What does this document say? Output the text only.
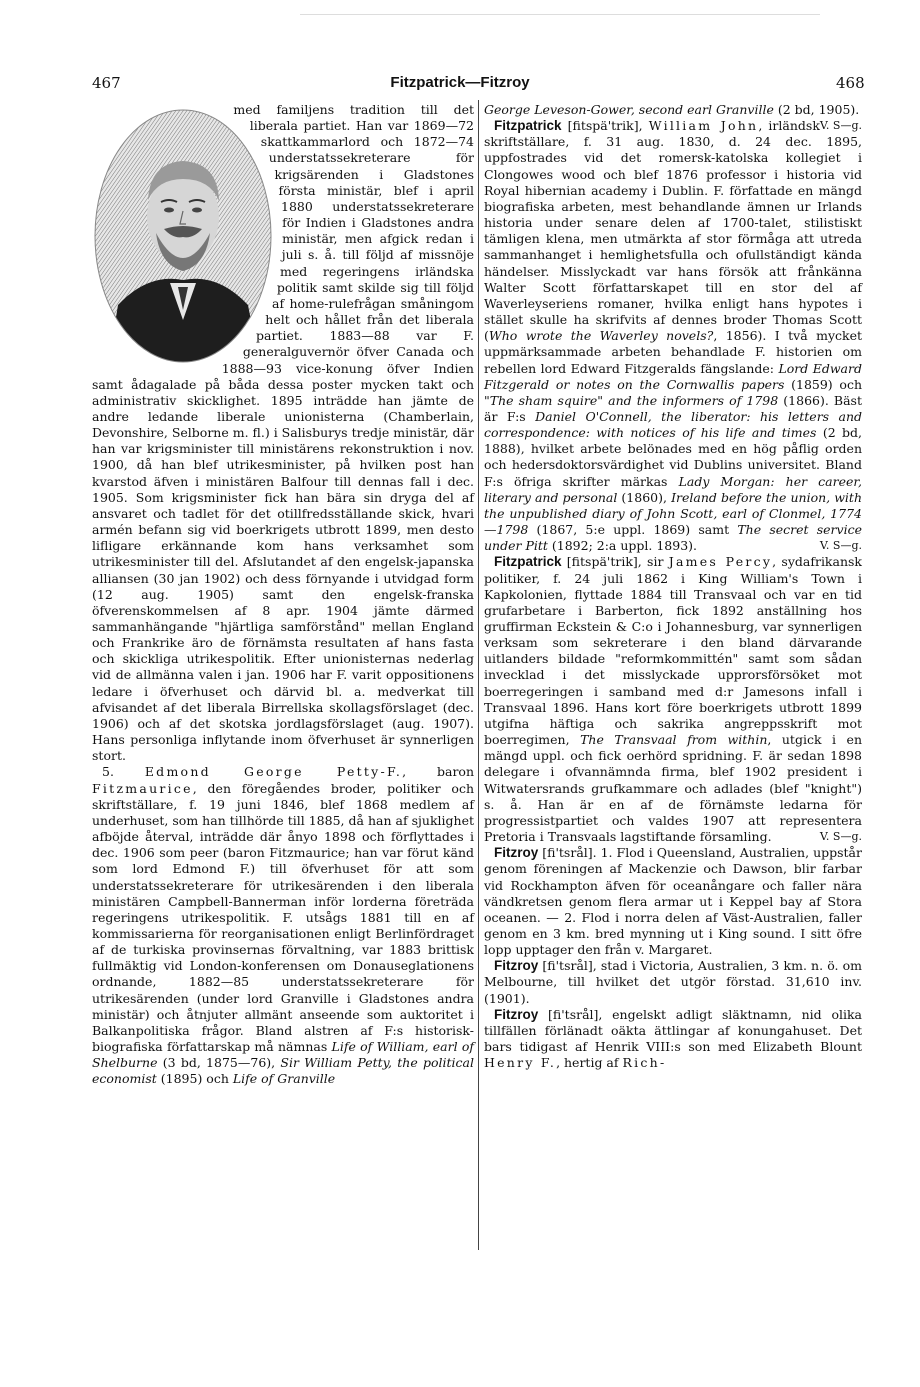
467	Fitzpatrick—Fitzroy	468

med familjens tradition till det liberala partiet. Han var 1869—72 skattkammarlord och 1872—74 understatssekreterare för krigsärenden i Gladstones första ministär, blef i april 1880 understatssekreterare för Indien i Gladstones andra ministär, men afgick redan i juli s. å. till följd af missnöje med regeringens irländska politik samt skilde sig till följd af home-rulefrågan småningom helt och hållet från det liberala partiet. 1883—88 var F. generalguvernör öfver Canada och 1888—93 vice-konung öfver Indien samt ådagalade på båda dessa poster mycken takt och administrativ skicklighet. 1895 inträdde han jämte de andre ledande liberale unionisterna (Chamberlain, Devonshire, Selborne m. fl.) i Salisburys tredje ministär, där han var krigsminister till ministärens rekonstruktion i nov. 1900, då han blef utrikesminister, på hvilken post han kvarstod äfven i ministären Balfour till dennas fall i dec. 1905. Som krigsminister fick han bära sin dryga del af ansvaret och tadlet för det otillfredsställande skick, hvari armén befann sig vid boerkrigets utbrott 1899, men desto lifligare erkännande kom hans verksamhet som utrikesminister till del. Afslutandet af den engelsk-japanska alliansen (30 jan 1902) och dess förnyande i utvidgad form (12 aug. 1905) samt den engelsk-franska öfverenskommelsen af 8 apr. 1904 jämte därmed sammanhängande "hjärtliga samförstånd" mellan England och Frankrike äro de förnämsta resultaten af hans fasta och skickliga utrikespolitik. Efter unionisternas nederlag vid de allmänna valen i jan. 1906 har F. varit oppositionens ledare i öfverhuset och därvid bl. a. medverkat till afvisandet af det liberala Birrellska skollagsförslaget (dec. 1906) och af det skotska jordlagsförslaget (aug. 1907). Hans personliga inflytande inom öfverhuset är synnerligen stort.

5. Edmond George Petty-F., baron Fitzmaurice, den föregåendes broder, politiker och skriftställare, f. 19 juni 1846, blef 1868 medlem af underhuset, som han tillhörde till 1885, då han af sjuklighet afböjde återval, inträdde där ånyo 1898 och förflyttades i dec. 1906 som peer (baron Fitzmaurice; han var förut känd som lord Edmond F.) till öfverhuset för att som understatssekreterare för utrikesärenden i den liberala ministären Campbell-Bannerman inför lorderna företräda regeringens utrikespolitik. F. utsågs 1881 till en af kommissarierna för reorganisationen enligt Berlinfördraget af de turkiska provinsernas förvaltning, var 1883 brittisk fullmäktig vid London-konferensen om Donauseglationens ordnande, 1882—85 understatssekreterare för utrikesärenden (under lord Granville i Gladstones andra ministär) och åtnjuter allmänt anseende som auktoritet i Balkanpolitiska frågor. Bland alstren af F:s historisk-biografiska författarskap må nämnas Life of William, earl of Shelburne (3 bd, 1875—76), Sir William Petty, the political economist (1895) och Life of Granville

George Leveson-Gower, second earl Granville (2 bd, 1905).
V. S—g.

Fitzpatrick [fitspä'trik], William John, irländsk skriftställare, f. 31 aug. 1830, d. 24 dec. 1895, uppfostrades vid det romersk-katolska kollegiet i Clongowes wood och blef 1876 professor i historia vid Royal hibernian academy i Dublin. F. författade en mängd biografiska arbeten, mest behandlande ämnen ur Irlands historia under senare delen af 1700-talet, stilistiskt tämligen klena, men utmärkta af stor förmåga att utreda sammanhanget i hemlighetsfulla och ofullständigt kända händelser. Misslyckadt var hans försök att frånkänna Walter Scott författarskapet till en stor del af Waverleyseriens romaner, hvilka enligt hans hypotes i stället skulle ha skrifvits af dennes broder Thomas Scott (Who wrote the Waverley novels?, 1856). I två mycket uppmärksammade arbeten behandlade F. historien om rebellen lord Edward Fitzgeralds fängslande: Lord Edward Fitzgerald or notes on the Cornwallis papers (1859) och "The sham squire" and the informers of 1798 (1866). Bäst är F:s Daniel O'Connell, the liberator: his letters and correspondence: with notices of his life and times (2 bd, 1888), hvilket arbete belönades med en hög påflig orden och hedersdoktorsvärdighet vid Dublins universitet. Bland F:s öfriga skrifter märkas Lady Morgan: her career, literary and personal (1860), Ireland before the union, with the unpublished diary of John Scott, earl of Clonmel, 1774—1798 (1867, 5:e uppl. 1869) samt The secret service under Pitt (1892; 2:a uppl. 1893).	V. S—g.

Fitzpatrick [fitspä'trik], sir James Percy, sydafrikansk politiker, f. 24 juli 1862 i King William's Town i Kapkolonien, flyttade 1884 till Transvaal och var en tid grufarbetare i Barberton, fick 1892 anställning hos gruffirman Eckstein & C:o i Johannesburg, var synnerligen verksam som sekreterare i den bland därvarande uitlanders bildade "reformkommittén" samt som sådan invecklad i det misslyckade upprorsförsöket mot boerregeringen i samband med d:r Jamesons infall i Transvaal 1896. Hans kort före boerkrigets utbrott 1899 utgifna häftiga och sakrika angreppsskrift mot boerregimen, The Transvaal from within, utgick i en mängd uppl. och fick oerhörd spridning. F. är sedan 1898 delegare i ofvannämnda firma, blef 1902 president i Witwatersrands grufkammare och adlades (blef "knight") s. å. Han är en af de förnämste ledarna för progressistpartiet och valdes 1907 att representera Pretoria i Transvaals lagstiftande församling.	V. S—g.

Fitzroy [fi'tsrål]. 1. Flod i Queensland, Australien, uppstår genom föreningen af Mackenzie och Dawson, blir farbar vid Rockhampton äfven för oceanångare och faller nära vändkretsen genom flera armar ut i Keppel bay af Stora oceanen. — 2. Flod i norra delen af Väst-Australien, faller genom en 3 km. bred mynning ut i King sound. I sitt öfre lopp upptager den från v. Margaret.

Fitzroy [fi'tsrål], stad i Victoria, Australien, 3 km. n. ö. om Melbourne, till hvilket det utgör förstad. 31,610 inv. (1901).

Fitzroy [fi'tsrål], engelskt adligt släktnamn, nid olika tillfällen förlänadt oäkta ättlingar af konungahuset. Det bars tidigast af Henrik VIII:s son med Elizabeth Blount Henry F., hertig af Rich-
